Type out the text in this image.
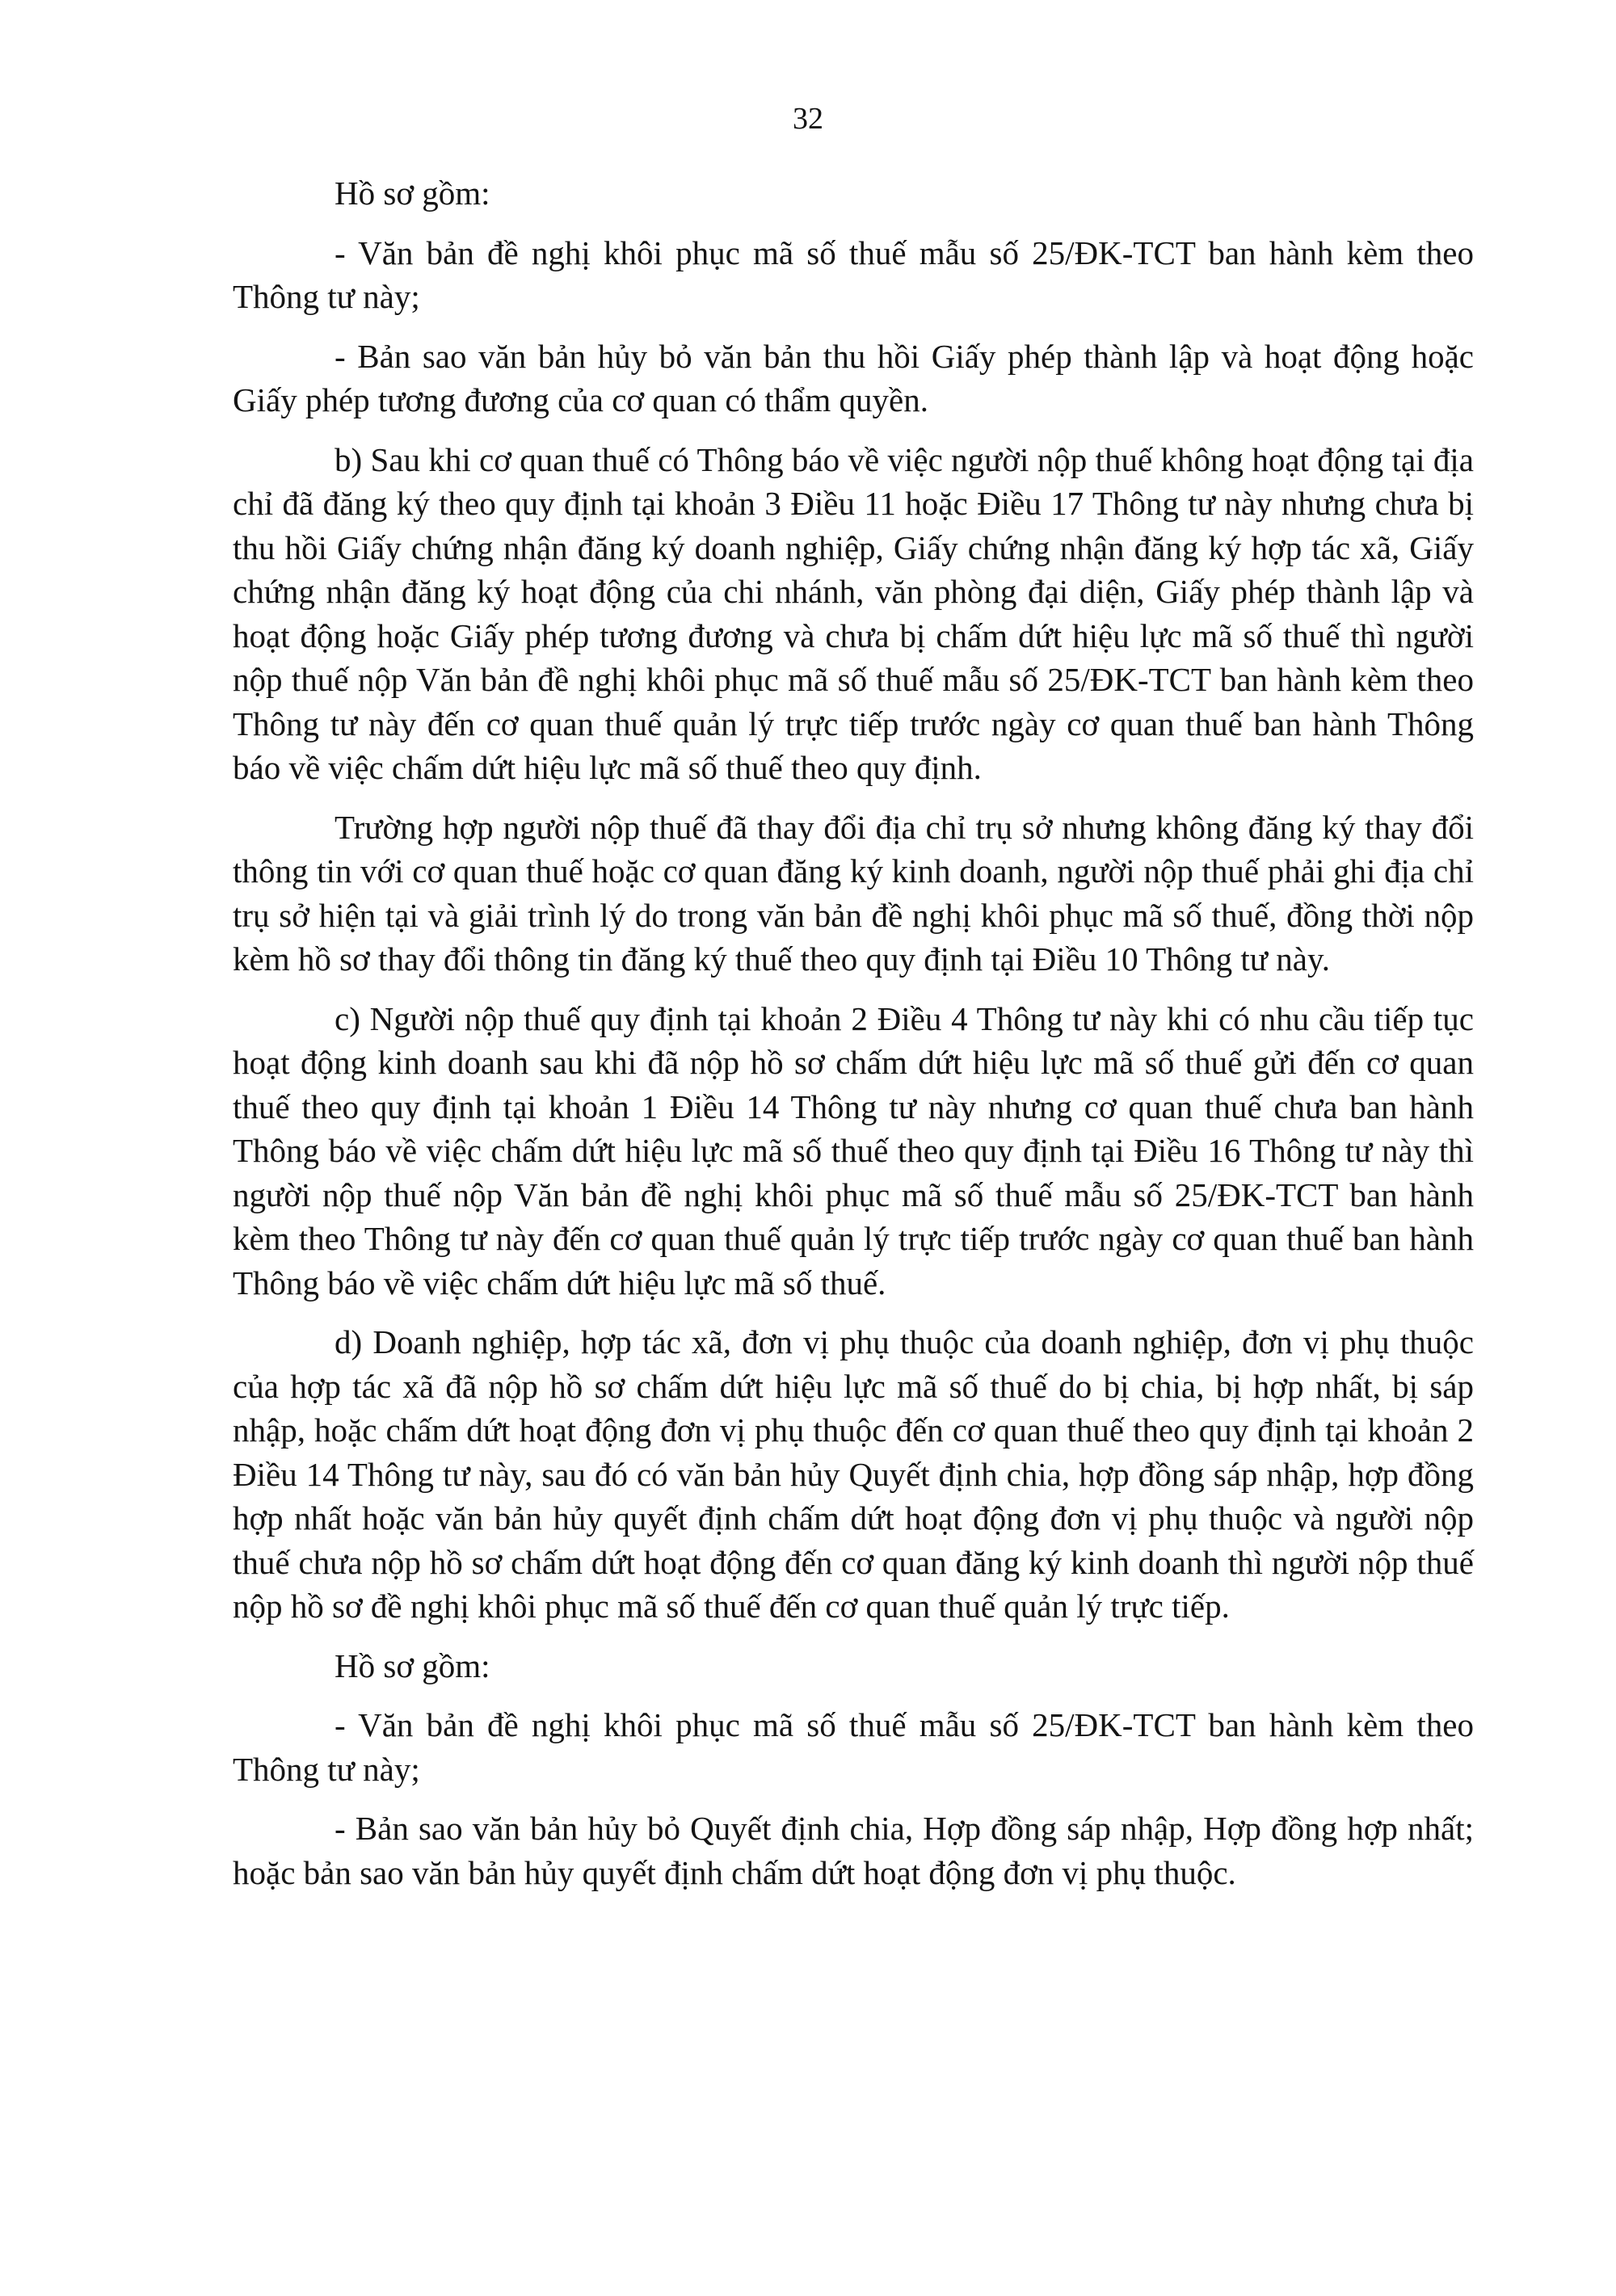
32

Hồ sơ gồm:

- Văn bản đề nghị khôi phục mã số thuế mẫu số 25/ĐK-TCT ban hành kèm theo Thông tư này;

- Bản sao văn bản hủy bỏ văn bản thu hồi Giấy phép thành lập và hoạt động hoặc Giấy phép tương đương của cơ quan có thẩm quyền.

b) Sau khi cơ quan thuế có Thông báo về việc người nộp thuế không hoạt động tại địa chỉ đã đăng ký theo quy định tại khoản 3 Điều 11 hoặc Điều 17 Thông tư này nhưng chưa bị thu hồi Giấy chứng nhận đăng ký doanh nghiệp, Giấy chứng nhận đăng ký hợp tác xã, Giấy chứng nhận đăng ký hoạt động của chi nhánh, văn phòng đại diện, Giấy phép thành lập và hoạt động hoặc Giấy phép tương đương và chưa bị chấm dứt hiệu lực mã số thuế thì người nộp thuế nộp Văn bản đề nghị khôi phục mã số thuế mẫu số 25/ĐK-TCT ban hành kèm theo Thông tư này đến cơ quan thuế quản lý trực tiếp trước ngày cơ quan thuế ban hành Thông báo về việc chấm dứt hiệu lực mã số thuế theo quy định.

Trường hợp người nộp thuế đã thay đổi địa chỉ trụ sở nhưng không đăng ký thay đổi thông tin với cơ quan thuế hoặc cơ quan đăng ký kinh doanh, người nộp thuế phải ghi địa chỉ trụ sở hiện tại và giải trình lý do trong văn bản đề nghị khôi phục mã số thuế, đồng thời nộp kèm hồ sơ thay đổi thông tin đăng ký thuế theo quy định tại Điều 10 Thông tư này.

c) Người nộp thuế quy định tại khoản 2 Điều 4 Thông tư này khi có nhu cầu tiếp tục hoạt động kinh doanh sau khi đã nộp hồ sơ chấm dứt hiệu lực mã số thuế gửi đến cơ quan thuế theo quy định tại khoản 1 Điều 14 Thông tư này nhưng cơ quan thuế chưa ban hành Thông báo về việc chấm dứt hiệu lực mã số thuế theo quy định tại Điều 16 Thông tư này thì người nộp thuế nộp Văn bản đề nghị khôi phục mã số thuế mẫu số 25/ĐK-TCT ban hành kèm theo Thông tư này đến cơ quan thuế quản lý trực tiếp trước ngày cơ quan thuế ban hành Thông báo về việc chấm dứt hiệu lực mã số thuế.

d) Doanh nghiệp, hợp tác xã, đơn vị phụ thuộc của doanh nghiệp, đơn vị phụ thuộc của hợp tác xã đã nộp hồ sơ chấm dứt hiệu lực mã số thuế do bị chia, bị hợp nhất, bị sáp nhập, hoặc chấm dứt hoạt động đơn vị phụ thuộc đến cơ quan thuế theo quy định tại khoản 2 Điều 14 Thông tư này, sau đó có văn bản hủy Quyết định chia, hợp đồng sáp nhập, hợp đồng hợp nhất hoặc văn bản hủy quyết định chấm dứt hoạt động đơn vị phụ thuộc và người nộp thuế chưa nộp hồ sơ chấm dứt hoạt động đến cơ quan đăng ký kinh doanh thì người nộp thuế nộp hồ sơ đề nghị khôi phục mã số thuế đến cơ quan thuế quản lý trực tiếp.

Hồ sơ gồm:

- Văn bản đề nghị khôi phục mã số thuế mẫu số 25/ĐK-TCT ban hành kèm theo Thông tư này;

- Bản sao văn bản hủy bỏ Quyết định chia, Hợp đồng sáp nhập, Hợp đồng hợp nhất; hoặc bản sao văn bản hủy quyết định chấm dứt hoạt động đơn vị phụ thuộc.
